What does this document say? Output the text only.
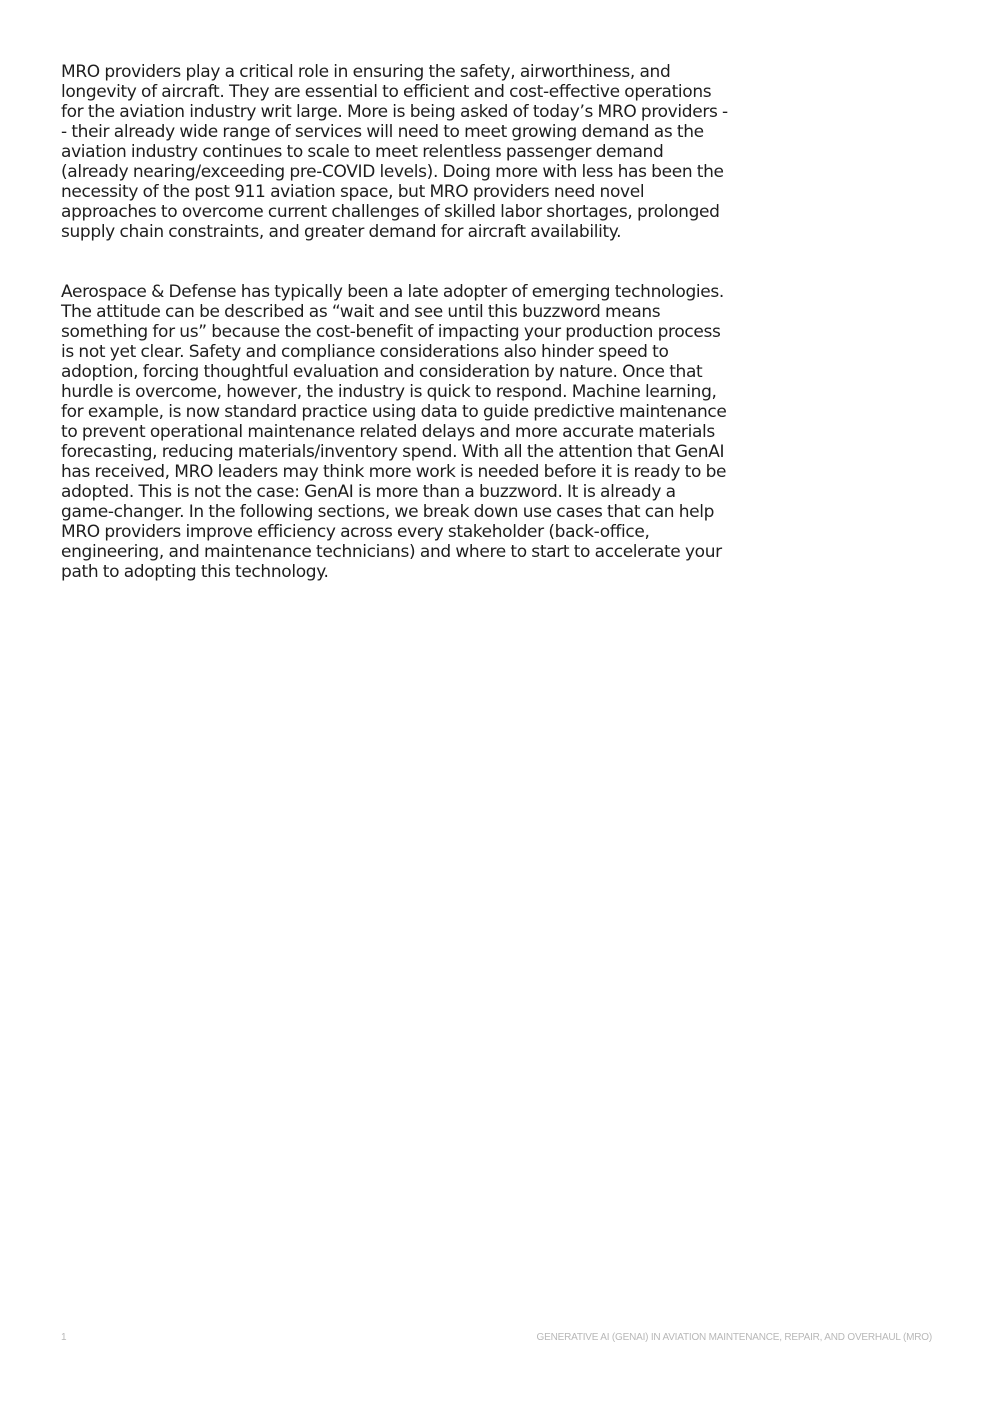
MRO providers play a critical role in ensuring the safety, airworthiness, and longevity of aircraft. They are essential to efficient and cost-effective operations for the aviation industry writ large. More is being asked of today’s MRO providers -- their already wide range of services will need to meet growing demand as the aviation industry continues to scale to meet relentless passenger demand (already nearing/exceeding pre-COVID levels). Doing more with less has been the necessity of the post 911 aviation space, but MRO providers need novel approaches to overcome current challenges of skilled labor shortages, prolonged supply chain constraints, and greater demand for aircraft availability.

Aerospace & Defense has typically been a late adopter of emerging technologies. The attitude can be described as “wait and see until this buzzword means something for us” because the cost-benefit of impacting your production process is not yet clear. Safety and compliance considerations also hinder speed to adoption, forcing thoughtful evaluation and consideration by nature. Once that hurdle is overcome, however, the industry is quick to respond. Machine learning, for example, is now standard practice using data to guide predictive maintenance to prevent operational maintenance related delays and more accurate materials forecasting, reducing materials/inventory spend. With all the attention that GenAI has received, MRO leaders may think more work is needed before it is ready to be adopted. This is not the case: GenAI is more than a buzzword. It is already a game-changer. In the following sections, we break down use cases that can help MRO providers improve efficiency across every stakeholder (back-office, engineering, and maintenance technicians) and where to start to accelerate your path to adopting this technology.

1	GENERATIVE AI (GENAI) IN AVIATION MAINTENANCE, REPAIR, AND OVERHAUL (MRO)
